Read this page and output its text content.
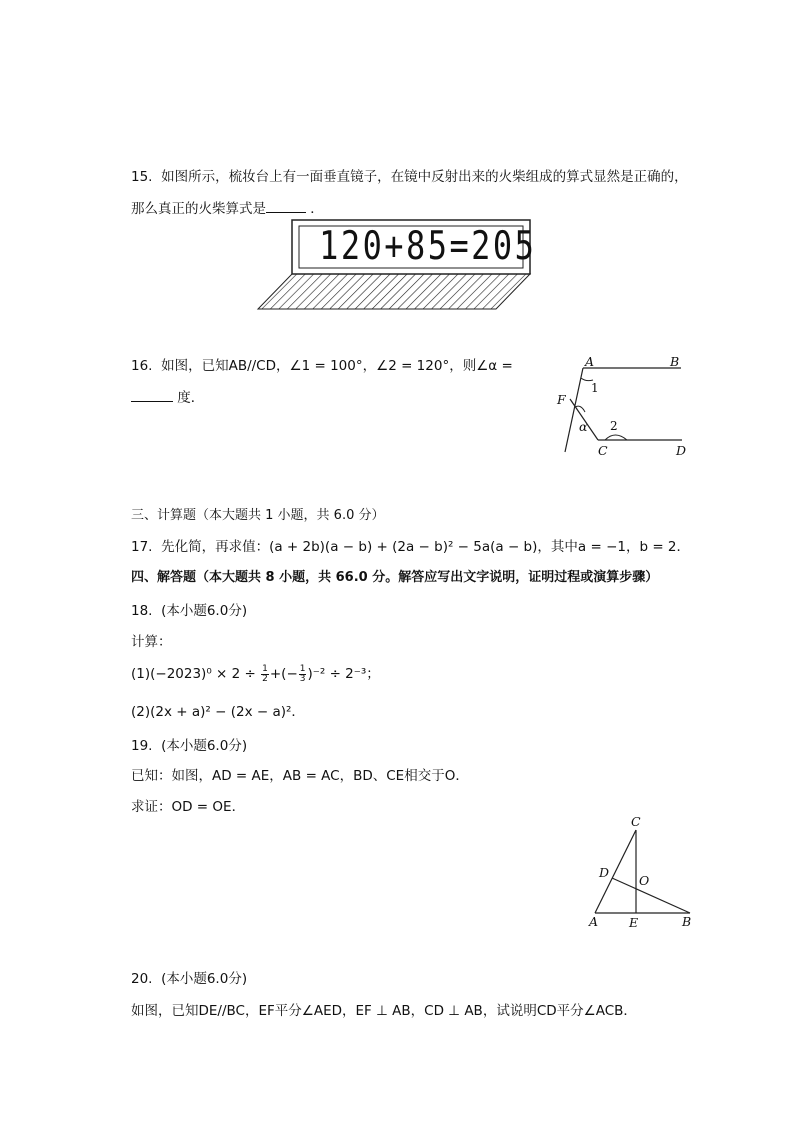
15. 如图所示，梳妆台上有一面垂直镜子，在镜中反射出来的火柴组成的算式显然是正确的，
那么真正的火柴算式是	．
120+85=205
16. 如图，已知AB//CD，∠1 = 100°，∠2 = 120°，则∠α =
度．
A	B
F
C	D
1
2
α
三、计算题（本大题共 1 小题，共 6.0 分）
17. 先化简，再求值：(a + 2b)(a − b) + (2a − b)² − 5a(a − b)，其中a = −1，b = 2．
四、解答题（本大题共 8 小题，共 66.0 分。解答应写出文字说明，证明过程或演算步骤）
18. (本小题6.0分)
计算：
$(1)(-2023)^0 \times 2 \div \frac{1}{2}$ +(− $\frac{1}{3} )^{-2} \div 2^{-3}$；
(2)(2x + a)² − (2x − a)²．
19. (本小题6.0分)
已知：如图，AD = AE，AB = AC，BD、CE相交于O．
求证：OD = OE．
C
D
O
A E	B
20. (本小题6.0分)
如图，已知DE//BC，EF平分∠AED，EF ⊥ AB，CD ⊥ AB，试说明CD平分∠ACB．
